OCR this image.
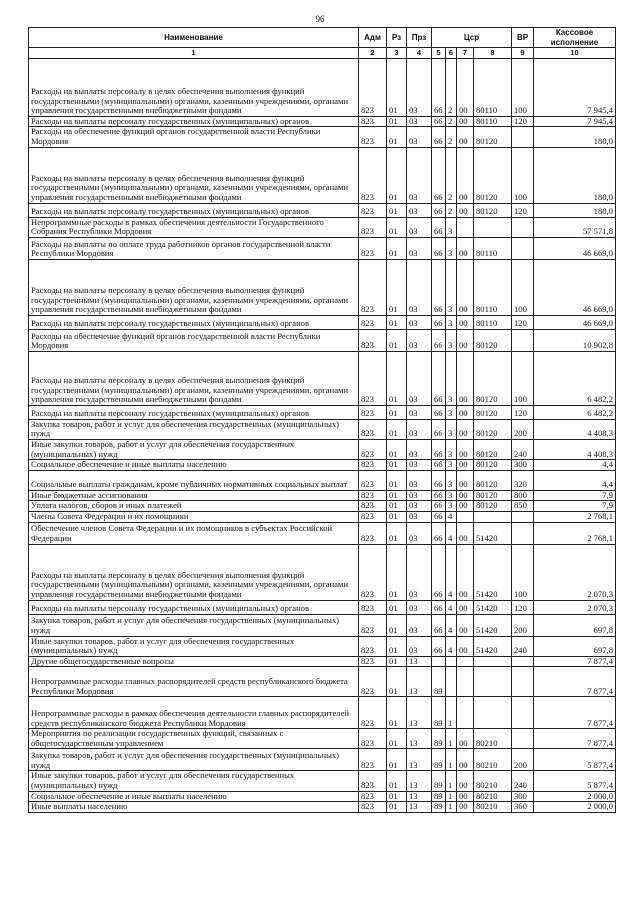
96
Наименование	Адм	Рз	Прз	Цср				ВР	Кассовое исполнение
1	2	3	4	5	6	7	8	9	10
Расходы на выплаты персоналу в целях обеспечения выполнения функций государственными (муниципальными) органами, казенными учреждениями, органами управления государственными внебюджетными фондами	823	01	03	66	2	00	80110	100	7 945,4
Расходы на выплаты персоналу государственных (муниципальных) органов	823	01	03	66	2	00	80110	120	7 945,4
Расходы на обеспечение функций органов государственной власти Республики Мордовия	823	01	03	66	2	00	80120		180,0
Расходы на выплаты персоналу в целях обеспечения выполнения функций государственными (муниципальными) органами, казенными учреждениями, органами управления государственными внебюджетными фондами	823	01	03	66	2	00	80120	100	180,0
Расходы на выплаты персоналу государственных (муниципальных) органов	823	01	03	66	2	00	80120	120	180,0
Непрограммные расходы в рамках обеспечения деятельности Государственного Собрания Республики Мордовия	823	01	03	66	3				57 571,8
Расходы на выплаты по оплате труда работников органов государственной власти Республики Мордовия	823	01	03	66	3	00	80110		46 669,0
Расходы на выплаты персоналу в целях обеспечения выполнения функций государственными (муниципальными) органами, казенными учреждениями, органами управления государственными внебюджетными фондами	823	01	03	66	3	00	80110	100	46 669,0
Расходы на выплаты персоналу государственных (муниципальных) органов	823	01	03	66	3	00	80110	120	46 669,0
Расходы на обеспечение функций органов государственной власти Республики Мордовия	823	01	03	66	3	00	80120		10 902,8
Расходы на выплаты персоналу в целях обеспечения выполнения функций государственными (муниципальными) органами, казенными учреждениями, органами управления государственными внебюджетными фондами	823	01	03	66	3	00	80120	100	6 482,2
Расходы на выплаты персоналу государственных (муниципальных) органов	823	01	03	66	3	00	80120	120	6 482,2
Закупка товаров, работ и услуг для обеспечения государственных (муниципальных) нужд	823	01	03	66	3	00	80120	200	4 408,3
Иные закупки товаров, работ и услуг для обеспечения государственных (муниципальных) нужд	823	01	03	66	3	00	80120	240	4 408,3
Социальное обеспечение и иные выплаты населению	823	01	03	66	3	00	80120	300	4,4
Социальные выплаты гражданам, кроме публичных нормативных социальных выплат	823	01	03	66	3	00	80120	320	4,4
Иные бюджетные ассигнования	823	01	03	66	3	00	80120	800	7,9
Уплата налогов, сборов и иных платежей	823	01	03	66	3	00	80120	850	7,9
Члены Совета Федерации и их помощники	823	01	03	66	4				2 768,1
Обеспечение членов Совета Федерации и их помощников в субъектах Российской Федерации	823	01	03	66	4	00	51420		2 768,1
Расходы на выплаты персоналу в целях обеспечения выполнения функций государственными (муниципальными) органами, казенными учреждениями, органами управления государственными внебюджетными фондами	823	01	03	66	4	00	51420	100	2 070,3
Расходы на выплаты персоналу государственных (муниципальных) органов	823	01	03	66	4	00	51420	120	2 070,3
Закупка товаров, работ и услуг для обеспечения государственных (муниципальных) нужд	823	01	03	66	4	00	51420	200	697,8
Иные закупки товаров, работ и услуг для обеспечения государственных (муниципальных) нужд	823	01	03	66	4	00	51420	240	697,8
Другие общегосударственные вопросы	823	01	13						7 877,4
Непрограммные расходы главных распорядителей средств республиканского бюджета Республики Мордовия	823	01	13	89					7 877,4
Непрограммные расходы в рамках обеспечения деятельности главных распорядителей средств республиканского бюджета Республики Мордовия	823	01	13	89	1				7 877,4
Мероприятия по реализации государственных функций, связанных с общегосударственным управлением	823	01	13	89	1	00	80210		7 877,4
Закупка товаров, работ и услуг для обеспечения государственных (муниципальных) нужд	823	01	13	89	1	00	80210	200	5 877,4
Иные закупки товаров, работ и услуг для обеспечения государственных (муниципальных) нужд	823	01	13	89	1	00	80210	240	5 877,4
Социальное обеспечение и иные выплаты населению	823	01	13	89	1	00	80210	300	2 000,0
Иные выплаты населению	823	01	13	89	1	00	80210	360	2 000,0
